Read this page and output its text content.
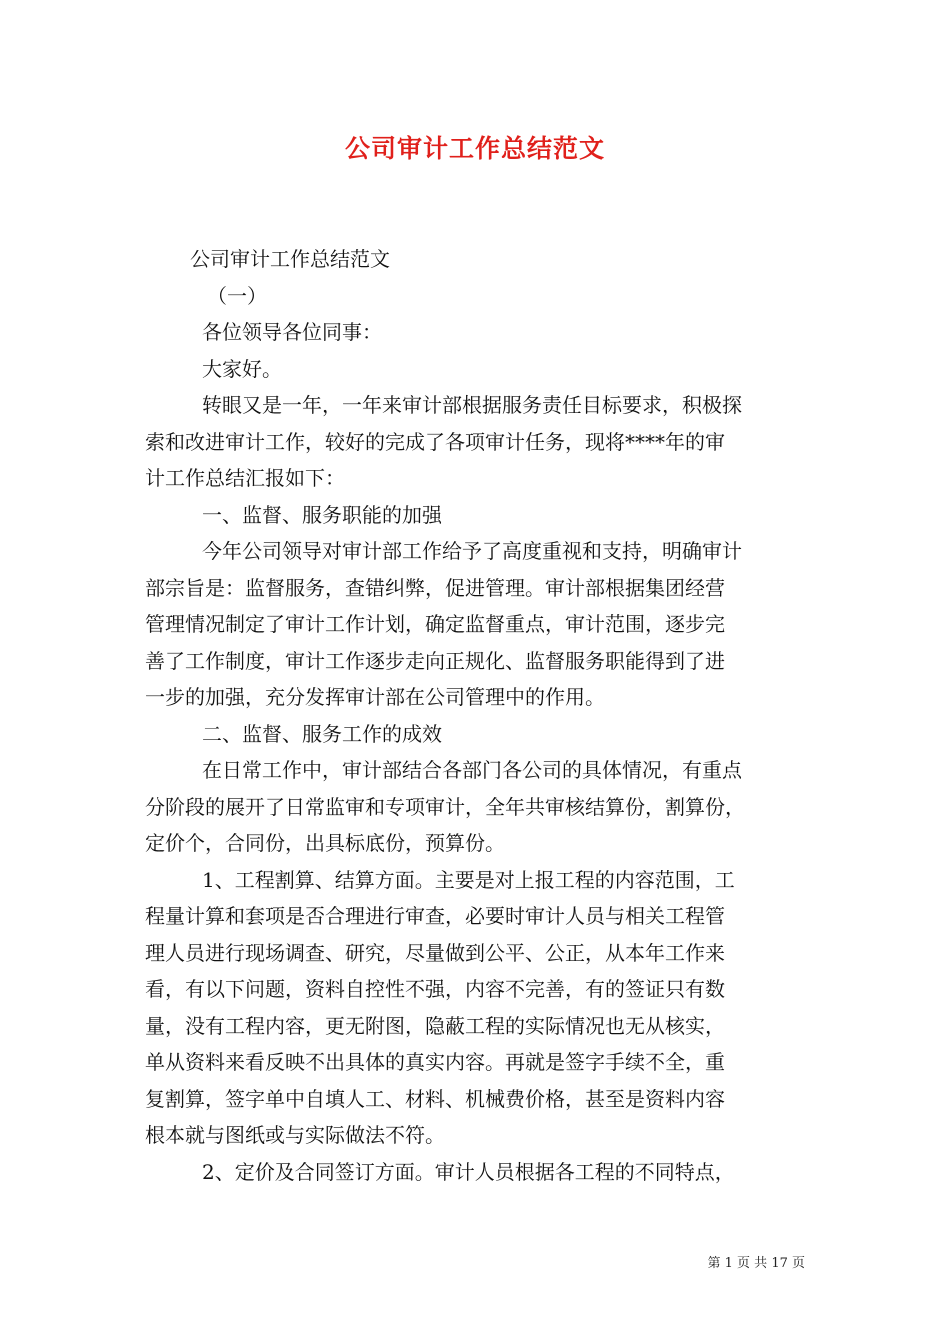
公司审计工作总结范文
公司审计工作总结范文
（一）
各位领导各位同事：
大家好。
转眼又是一年，一年来审计部根据服务责任目标要求，积极探
索和改进审计工作，较好的完成了各项审计任务，现将****年的审
计工作总结汇报如下：
一、监督、服务职能的加强
今年公司领导对审计部工作给予了高度重视和支持，明确审计
部宗旨是：监督服务，查错纠弊，促进管理。审计部根据集团经营
管理情况制定了审计工作计划，确定监督重点，审计范围，逐步完
善了工作制度，审计工作逐步走向正规化、监督服务职能得到了进
一步的加强，充分发挥审计部在公司管理中的作用。
二、监督、服务工作的成效
在日常工作中，审计部结合各部门各公司的具体情况，有重点
分阶段的展开了日常监审和专项审计，全年共审核结算份，割算份，
定价个，合同份，出具标底份，预算份。
1、工程割算、结算方面。主要是对上报工程的内容范围，工
程量计算和套项是否合理进行审查，必要时审计人员与相关工程管
理人员进行现场调查、研究，尽量做到公平、公正，从本年工作来
看，有以下问题，资料自控性不强，内容不完善，有的签证只有数
量，没有工程内容，更无附图，隐蔽工程的实际情况也无从核实，
单从资料来看反映不出具体的真实内容。再就是签字手续不全，重
复割算，签字单中自填人工、材料、机械费价格，甚至是资料内容
根本就与图纸或与实际做法不符。
2、定价及合同签订方面。审计人员根据各工程的不同特点，
第 1 页 共 17 页
